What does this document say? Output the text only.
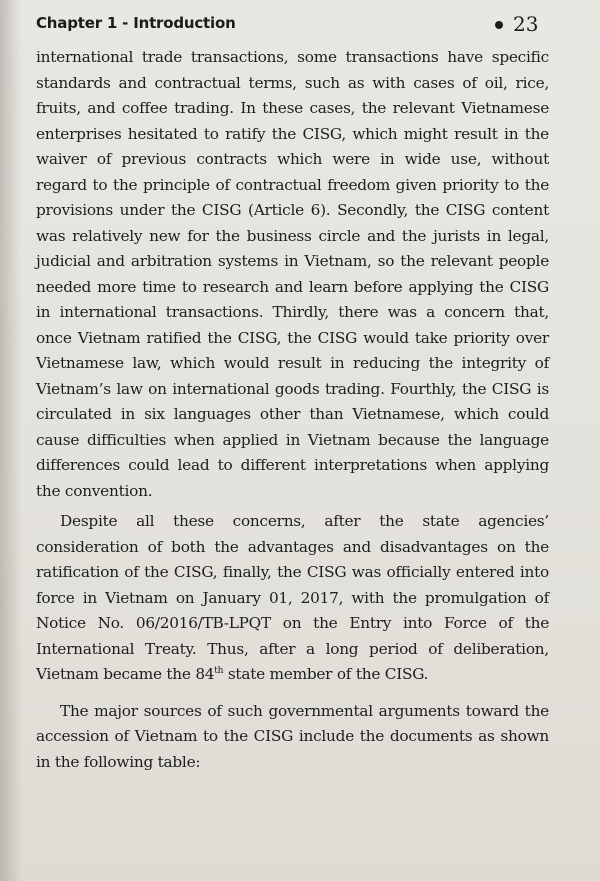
Chapter 1 - Introduction	23

international trade transactions, some transactions have specific standards and contractual terms, such as with cases of oil, rice, fruits, and coffee trading. In these cases, the relevant Vietnamese enterprises hesitated to ratify the CISG, which might result in the waiver of previous contracts which were in wide use, without regard to the principle of contractual freedom given priority to the provisions under the CISG (Article 6). Secondly, the CISG content was relatively new for the business circle and the jurists in legal, judicial and arbitration systems in Vietnam, so the relevant people needed more time to research and learn before applying the CISG in international transactions. Thirdly, there was a concern that, once Vietnam ratified the CISG, the CISG would take priority over Vietnamese law, which would result in reducing the integrity of Vietnam’s law on international goods trading. Fourthly, the CISG is circulated in six languages other than Vietnamese, which could cause difficulties when applied in Vietnam because the language differences could lead to different interpretations when applying the convention.

Despite all these concerns, after the state agencies’ consideration of both the advantages and disadvantages on the ratification of the CISG, finally, the CISG was officially entered into force in Vietnam on January 01, 2017, with the promulgation of Notice No. 06/2016/TB-LPQT on the Entry into Force of the International Treaty. Thus, after a long period of deliberation, Vietnam became the 84th state member of the CISG.

The major sources of such governmental arguments toward the accession of Vietnam to the CISG include the documents as shown in the following table:
